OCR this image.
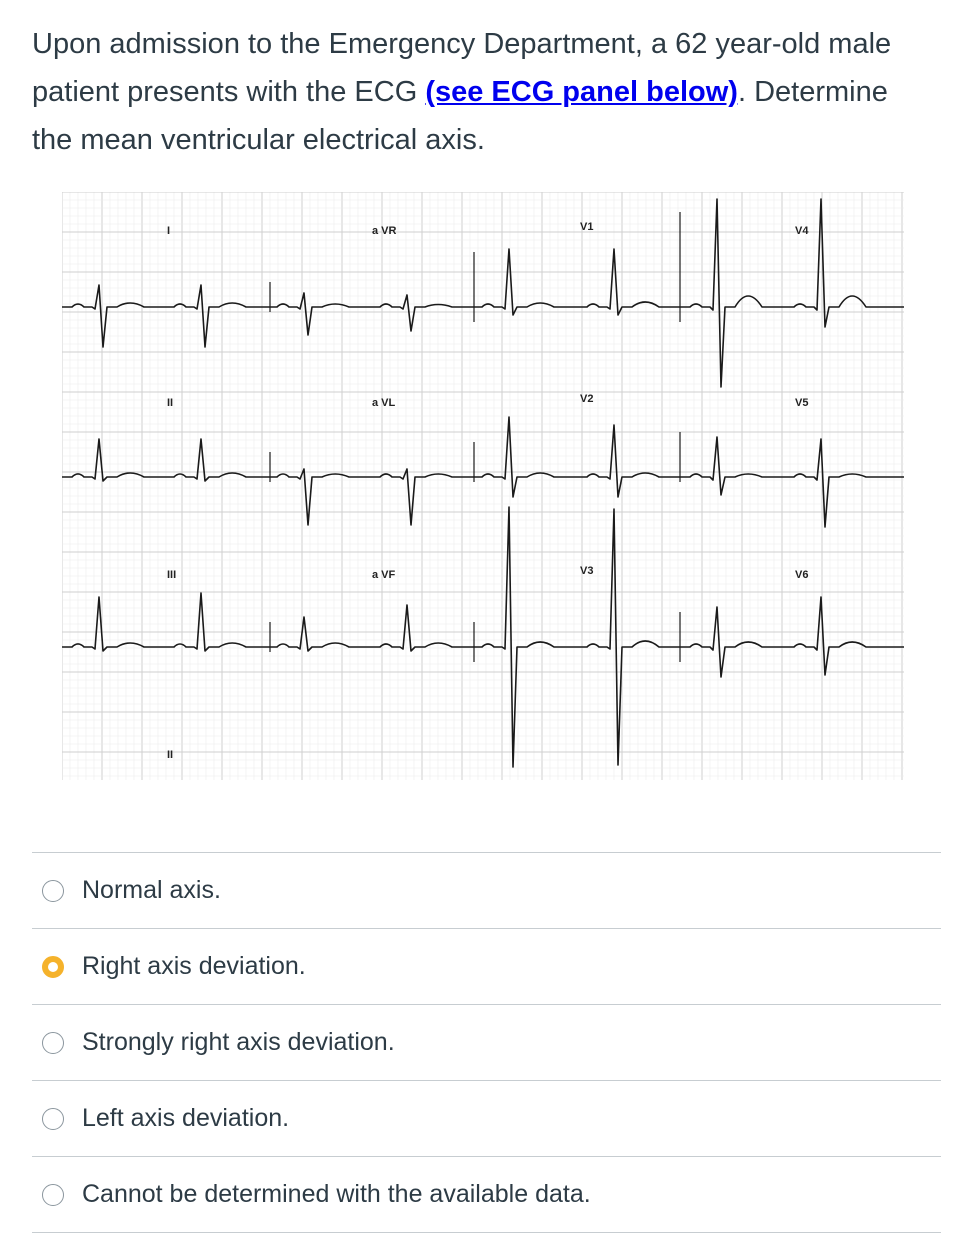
Upon admission to the Emergency Department, a 62 year-old male patient presents with the ECG (see ECG panel below). Determine the mean ventricular electrical axis.

I	a VR	V1	V4
II	a VL	V2	V5
III	a VF	V3	V6
II
Normal axis.
Right axis deviation.
Strongly right axis deviation.
Left axis deviation.
Cannot be determined with the available data.
